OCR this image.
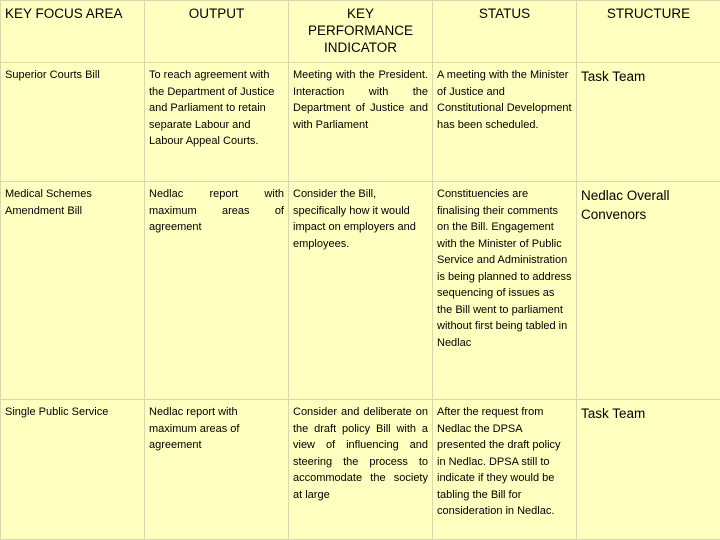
KEY FOCUS AREA	OUTPUT	KEY PERFORMANCE INDICATOR	STATUS	STRUCTURE
Superior Courts Bill	To reach agreement with the Department of Justice and Parliament to retain separate Labour and Labour Appeal Courts.	Meeting with the President. Interaction with the Department of Justice and with Parliament	A meeting with the Minister of Justice and Constitutional Development has been scheduled.	Task Team
Medical Schemes Amendment Bill	Nedlac report with maximum areas of agreement	Consider the Bill, specifically how it would impact on employers and employees.	Constituencies are finalising their comments on the Bill. Engagement with the Minister of Public Service and Administration is being planned to address sequencing of issues as the Bill went to parliament without first being tabled in Nedlac	Nedlac Overall Convenors
Single Public Service	Nedlac report with maximum areas of agreement	Consider and deliberate on the draft policy Bill with a view of influencing and steering the process to accommodate the society at large	After the request from Nedlac the DPSA presented the draft policy in Nedlac. DPSA still to indicate if they would be tabling the Bill for consideration in Nedlac.	Task Team
